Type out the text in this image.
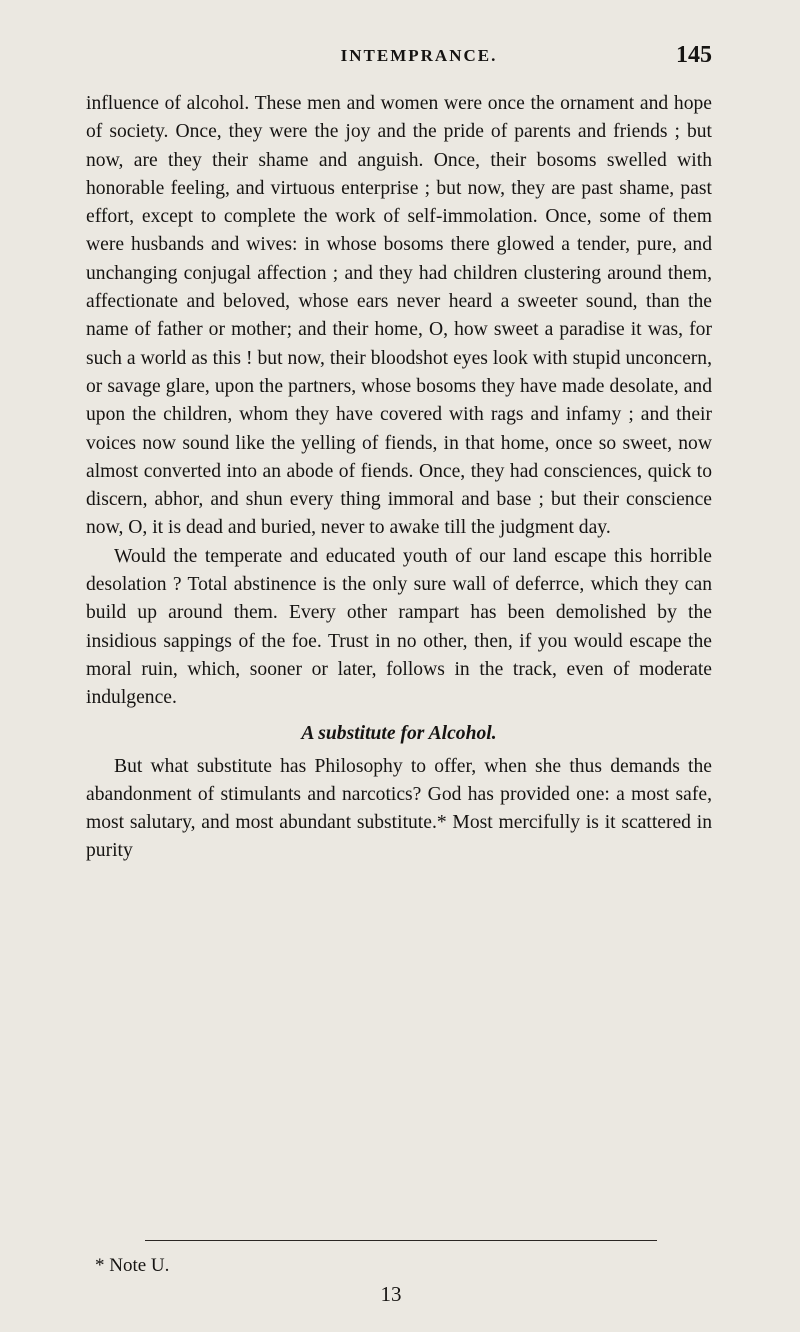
INTEMPRANCE.	145

influence of alcohol. These men and women were once the ornament and hope of society. Once, they were the joy and the pride of parents and friends ; but now, are they their shame and anguish. Once, their bosoms swelled with honorable feeling, and virtuous enterprise ; but now, they are past shame, past effort, except to complete the work of self-immolation. Once, some of them were husbands and wives: in whose bosoms there glowed a tender, pure, and unchanging conjugal affection ; and they had children clustering around them, affectionate and beloved, whose ears never heard a sweeter sound, than the name of father or mother; and their home, O, how sweet a paradise it was, for such a world as this ! but now, their bloodshot eyes look with stupid unconcern, or savage glare, upon the partners, whose bosoms they have made desolate, and upon the children, whom they have covered with rags and infamy ; and their voices now sound like the yelling of fiends, in that home, once so sweet, now almost converted into an abode of fiends. Once, they had consciences, quick to discern, abhor, and shun every thing immoral and base ; but their conscience now, O, it is dead and buried, never to awake till the judgment day.

Would the temperate and educated youth of our land escape this horrible desolation ? Total abstinence is the only sure wall of deferrce, which they can build up around them. Every other rampart has been demolished by the insidious sappings of the foe. Trust in no other, then, if you would escape the moral ruin, which, sooner or later, follows in the track, even of moderate indulgence.

A substitute for Alcohol.

But what substitute has Philosophy to offer, when she thus demands the abandonment of stimulants and narcotics? God has provided one: a most safe, most salutary, and most abundant substitute.* Most mercifully is it scattered in purity

* Note U.
13
